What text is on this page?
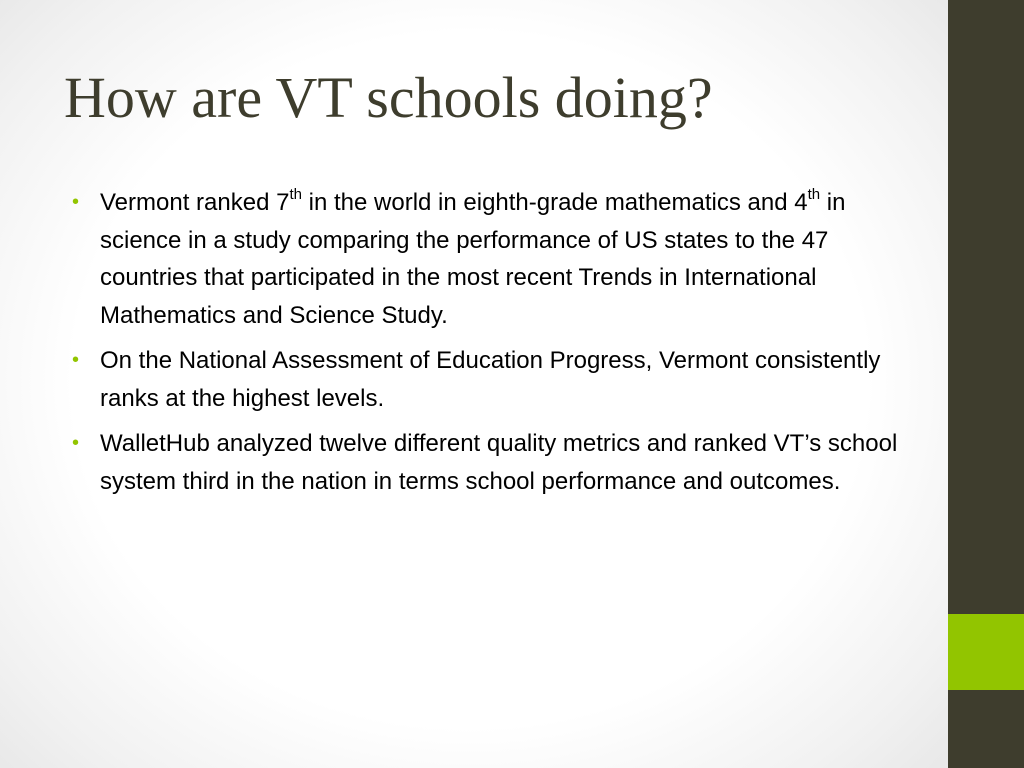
How are VT schools doing?
• Vermont ranked 7th in the world in eighth-grade mathematics and 4th in science in a study comparing the performance of US states to the 47 countries that participated in the most recent Trends in International Mathematics and Science Study.
• On the National Assessment of Education Progress, Vermont consistently ranks at the highest levels.
• WalletHub analyzed twelve different quality metrics and ranked VT’s school system third in the nation in terms school performance and outcomes.
